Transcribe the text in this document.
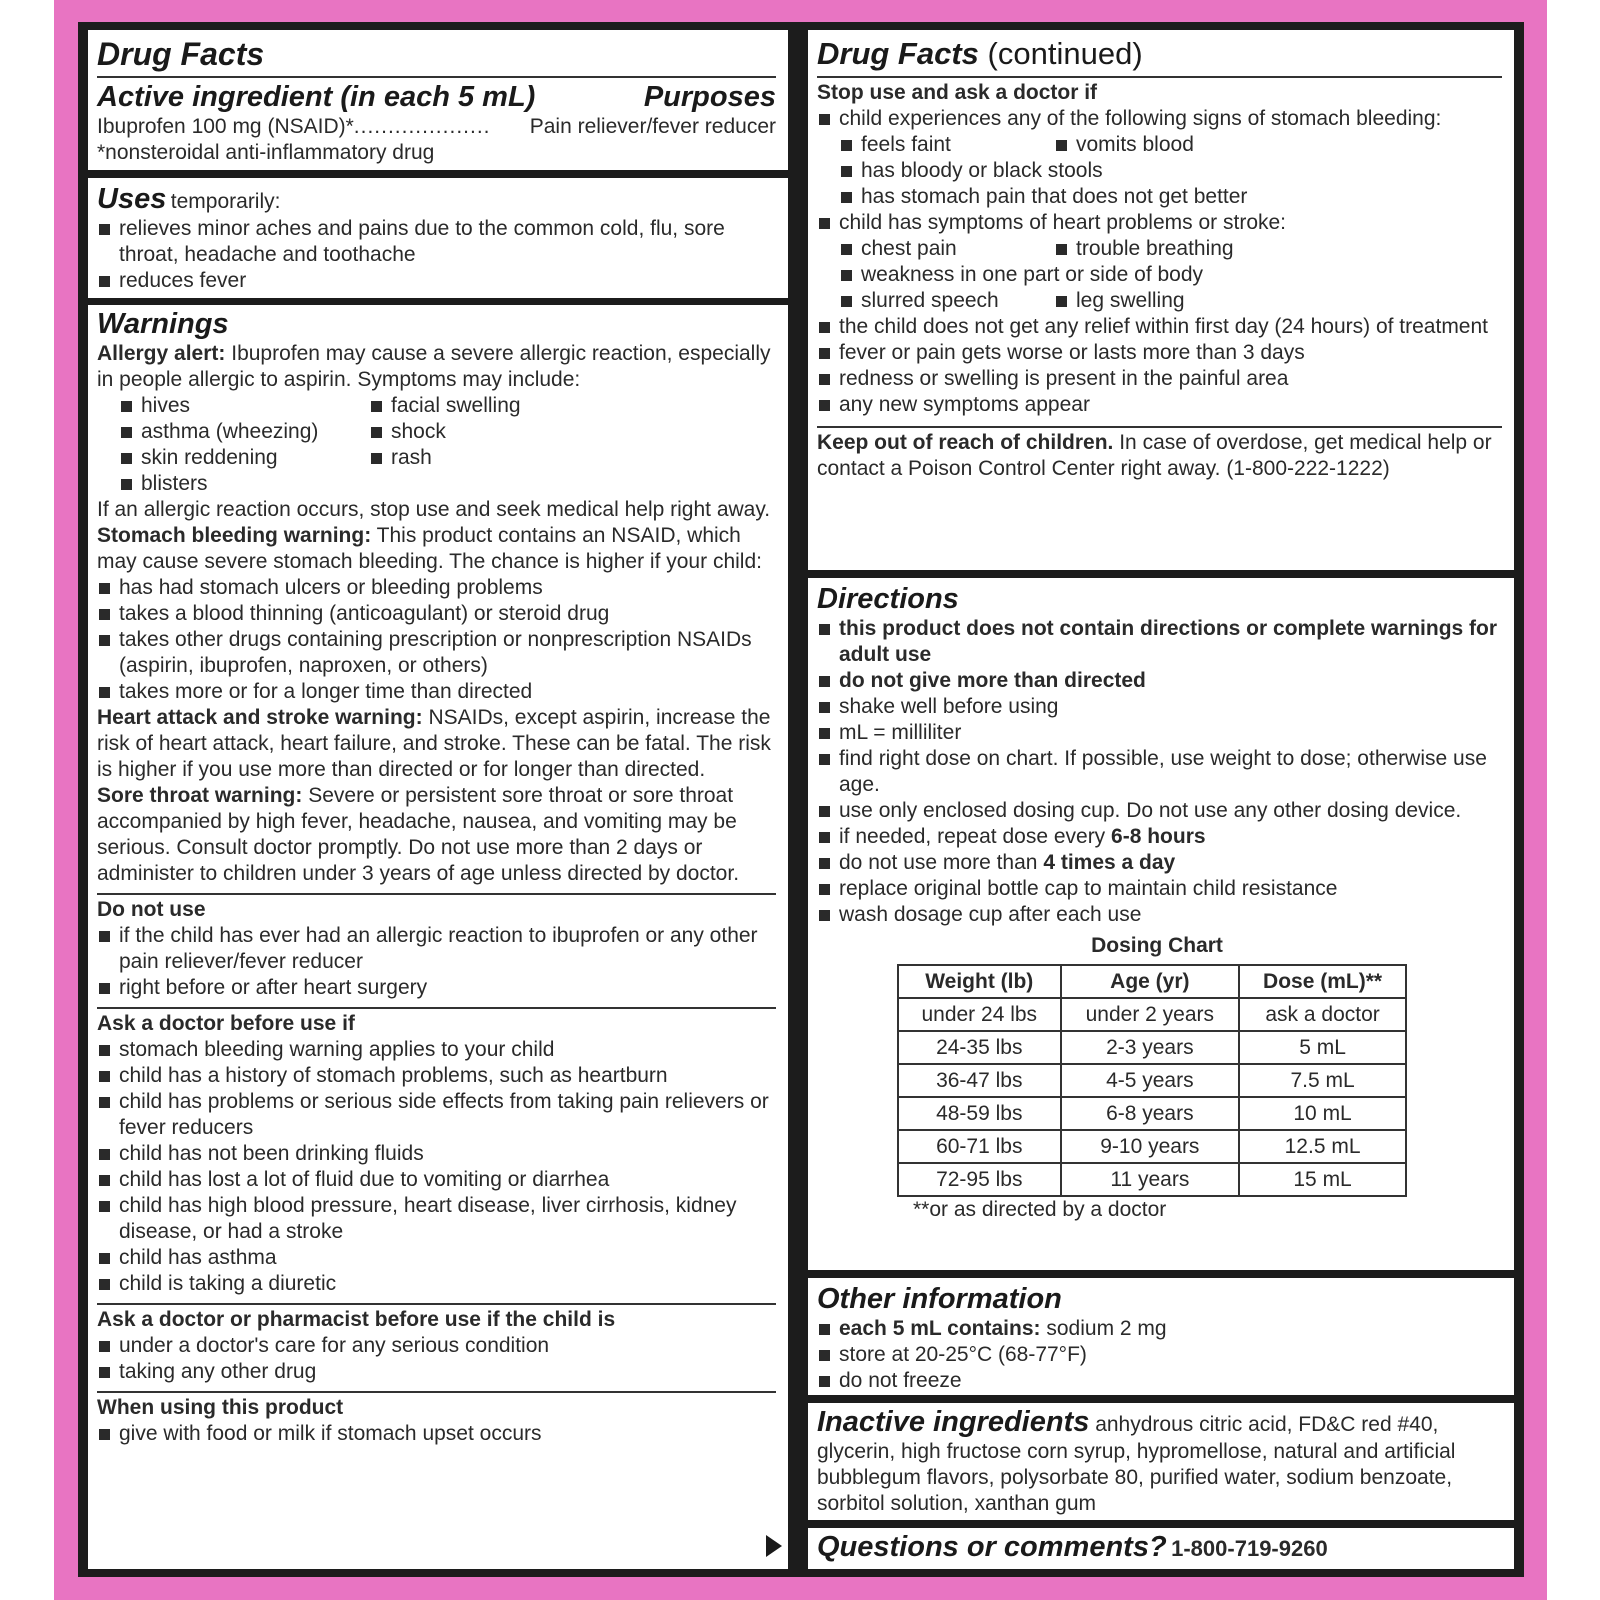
Drug Facts
Active ingredient (in each 5 mL)	Purposes
Ibuprofen 100 mg (NSAID)*.................... Pain reliever/fever reducer
*nonsteroidal anti-inflammatory drug
Uses temporarily:
relieves minor aches and pains due to the common cold, flu, sore throat, headache and toothache
reduces fever
Warnings
Allergy alert: Ibuprofen may cause a severe allergic reaction, especially in people allergic to aspirin. Symptoms may include:
hives
asthma (wheezing)
skin reddening
blisters
facial swelling
shock
rash
If an allergic reaction occurs, stop use and seek medical help right away.
Stomach bleeding warning: This product contains an NSAID, which may cause severe stomach bleeding. The chance is higher if your child:
has had stomach ulcers or bleeding problems
takes a blood thinning (anticoagulant) or steroid drug
takes other drugs containing prescription or nonprescription NSAIDs (aspirin, ibuprofen, naproxen, or others)
takes more or for a longer time than directed
Heart attack and stroke warning: NSAIDs, except aspirin, increase the risk of heart attack, heart failure, and stroke. These can be fatal. The risk is higher if you use more than directed or for longer than directed.
Sore throat warning: Severe or persistent sore throat or sore throat accompanied by high fever, headache, nausea, and vomiting may be serious. Consult doctor promptly. Do not use more than 2 days or administer to children under 3 years of age unless directed by doctor.
Do not use
if the child has ever had an allergic reaction to ibuprofen or any other pain reliever/fever reducer
right before or after heart surgery
Ask a doctor before use if
stomach bleeding warning applies to your child
child has a history of stomach problems, such as heartburn
child has problems or serious side effects from taking pain relievers or fever reducers
child has not been drinking fluids
child has lost a lot of fluid due to vomiting or diarrhea
child has high blood pressure, heart disease, liver cirrhosis, kidney disease, or had a stroke
child has asthma
child is taking a diuretic
Ask a doctor or pharmacist before use if the child is
under a doctor's care for any serious condition
taking any other drug
When using this product
give with food or milk if stomach upset occurs
Drug Facts (continued)
Stop use and ask a doctor if
child experiences any of the following signs of stomach bleeding:
feels faint	vomits blood
has bloody or black stools
has stomach pain that does not get better
child has symptoms of heart problems or stroke:
chest pain	trouble breathing
weakness in one part or side of body
slurred speech	leg swelling
the child does not get any relief within first day (24 hours) of treatment
fever or pain gets worse or lasts more than 3 days
redness or swelling is present in the painful area
any new symptoms appear
Keep out of reach of children. In case of overdose, get medical help or contact a Poison Control Center right away. (1-800-222-1222)
Directions
this product does not contain directions or complete warnings for adult use
do not give more than directed
shake well before using
mL = milliliter
find right dose on chart. If possible, use weight to dose; otherwise use age.
use only enclosed dosing cup. Do not use any other dosing device.
if needed, repeat dose every 6-8 hours
do not use more than 4 times a day
replace original bottle cap to maintain child resistance
wash dosage cup after each use
Dosing Chart
Weight (lb)	Age (yr)	Dose (mL)**
under 24 lbs	under 2 years	ask a doctor
24-35 lbs	2-3 years	5 mL
36-47 lbs	4-5 years	7.5 mL
48-59 lbs	6-8 years	10 mL
60-71 lbs	9-10 years	12.5 mL
72-95 lbs	11 years	15 mL
**or as directed by a doctor
Other information
each 5 mL contains: sodium 2 mg
store at 20-25°C (68-77°F)
do not freeze
Inactive ingredients anhydrous citric acid, FD&C red #40, glycerin, high fructose corn syrup, hypromellose, natural and artificial bubblegum flavors, polysorbate 80, purified water, sodium benzoate, sorbitol solution, xanthan gum
Questions or comments? 1-800-719-9260
